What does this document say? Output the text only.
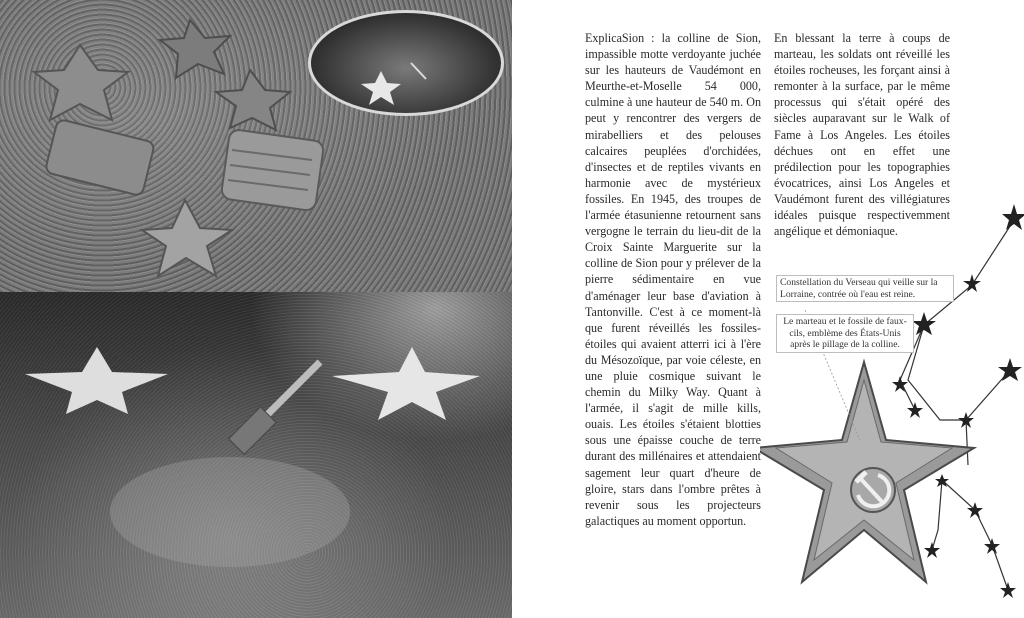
ExplicaSion : la colline de Sion, impassible motte verdoyante juchée sur les hauteurs de Vaudémont en Meurthe-et-Moselle 54 000, culmine à une hauteur de 540 m. On peut y rencontrer des vergers de mirabelliers et des pelouses calcaires peuplées d'orchidées, d'insectes et de reptiles vivants en harmonie avec de mystérieux fossiles. En 1945, des troupes de l'armée étasunienne retournent sans vergogne le terrain du lieu-dit de la Croix Sainte Marguerite sur la colline de Sion pour y prélever de la pierre sédimentaire en vue d'aménager leur base d'aviation à Tantonville. C'est à ce moment-là que furent réveillés les fossiles-étoiles qui avaient atterri ici à l'ère du Mésozoïque, par voie céleste, en une pluie cosmique suivant le chemin du Milky Way. Quant à l'armée, il s'agit de mille kills, ouais. Les étoiles s'étaient blotties sous une épaisse couche de terre durant des millénaires et attendaient sagement leur quart d'heure de gloire, stars dans l'ombre prêtes à revenir sous les projecteurs galactiques au moment opportun.

En blessant la terre à coups de marteau, les soldats ont réveillé les étoiles rocheuses, les forçant ainsi à remonter à la surface, par le même processus qui s'était opéré des siècles auparavant sur le Walk of Fame à Los Angeles. Les étoiles déchues ont en effet une prédilection pour les topographies évocatrices, ainsi Los Angeles et Vaudémont furent des villégiatures idéales puisque respectivemment angélique et démoniaque.

Constellation du Verseau qui veille sur la Lorraine, contrée où l'eau est reine.

Le marteau et le fossile de faux-cils, emblème des États-Unis après le pillage de la colline.
